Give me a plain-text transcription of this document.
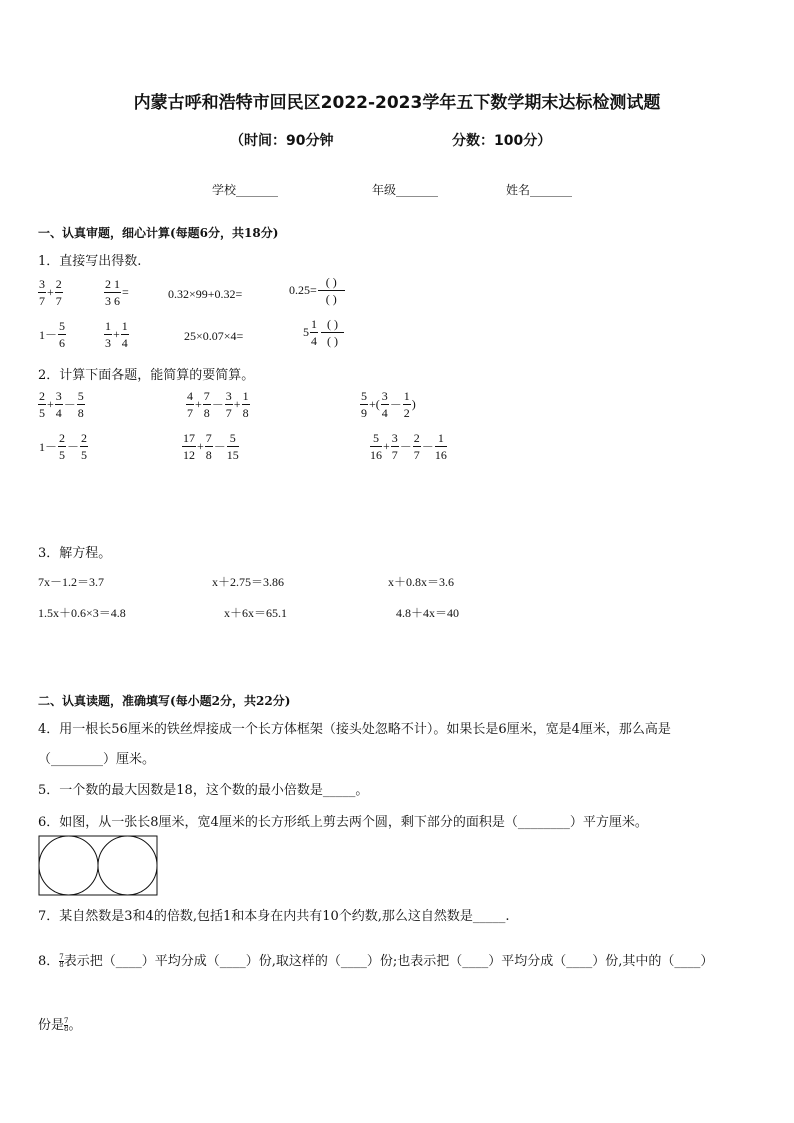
内蒙古呼和浩特市回民区2022-2023学年五下数学期末达标检测试题
（时间：90分钟	分数：100分）
学校_______	年级_______	姓名_______
一、认真审题，细心计算(每题6分，共18分)
1．直接写出得数.
$\frac{3}{7} + \frac{2}{7}$	$\frac{2 1}{3 6}$ =	0.32×99+0.32=	$0.25= \frac{( )}{( )}$
$1- \frac{5}{6}$	$\frac{1}{3} + \frac{1}{4}$	25×0.07×4=	$5 \frac{1}{4} \frac{( )}{( )}$
2．计算下面各题，能简算的要简算。
$\frac{2}{5} + \frac{3}{4} - \frac{5}{8}$	$\frac{4}{7} + \frac{7}{8} - \frac{3}{7} + \frac{1}{8}$	$\frac{5}{9}$ +( $\frac{3}{4} - \frac{1}{2}$ )
$1- \frac{2}{5} - \frac{2}{5}$	$\frac{17}{12} + \frac{7}{8} - \frac{5}{15}$	$\frac{5}{16} + \frac{3}{7} - \frac{2}{7} - \frac{1}{16}$
3．解方程。
7x－1.2＝3.7	x＋2.75＝3.86	x＋0.8x＝3.6
1.5x＋0.6×3＝4.8	x＋6x＝65.1	4.8＋4x＝40
二、认真读题，准确填写(每小题2分，共22分)
4．用一根长56厘米的铁丝焊接成一个长方体框架（接头处忽略不计）。如果长是6厘米，宽是4厘米，那么高是
（________）厘米。
5．一个数的最大因数是18，这个数的最小倍数是_____。
6．如图，从一张长8厘米，宽4厘米的长方形纸上剪去两个圆，剩下部分的面积是（________）平方厘米。
7．某自然数是3和4的倍数,包括1和本身在内共有10个约数,那么这自然数是_____.
8． $\frac{7}{8}$ 表示把（____）平均分成（____）份,取这样的（____）份;也表示把（____）平均分成（____）份,其中的（____）
份是 $\frac{7}{8}$ 。
